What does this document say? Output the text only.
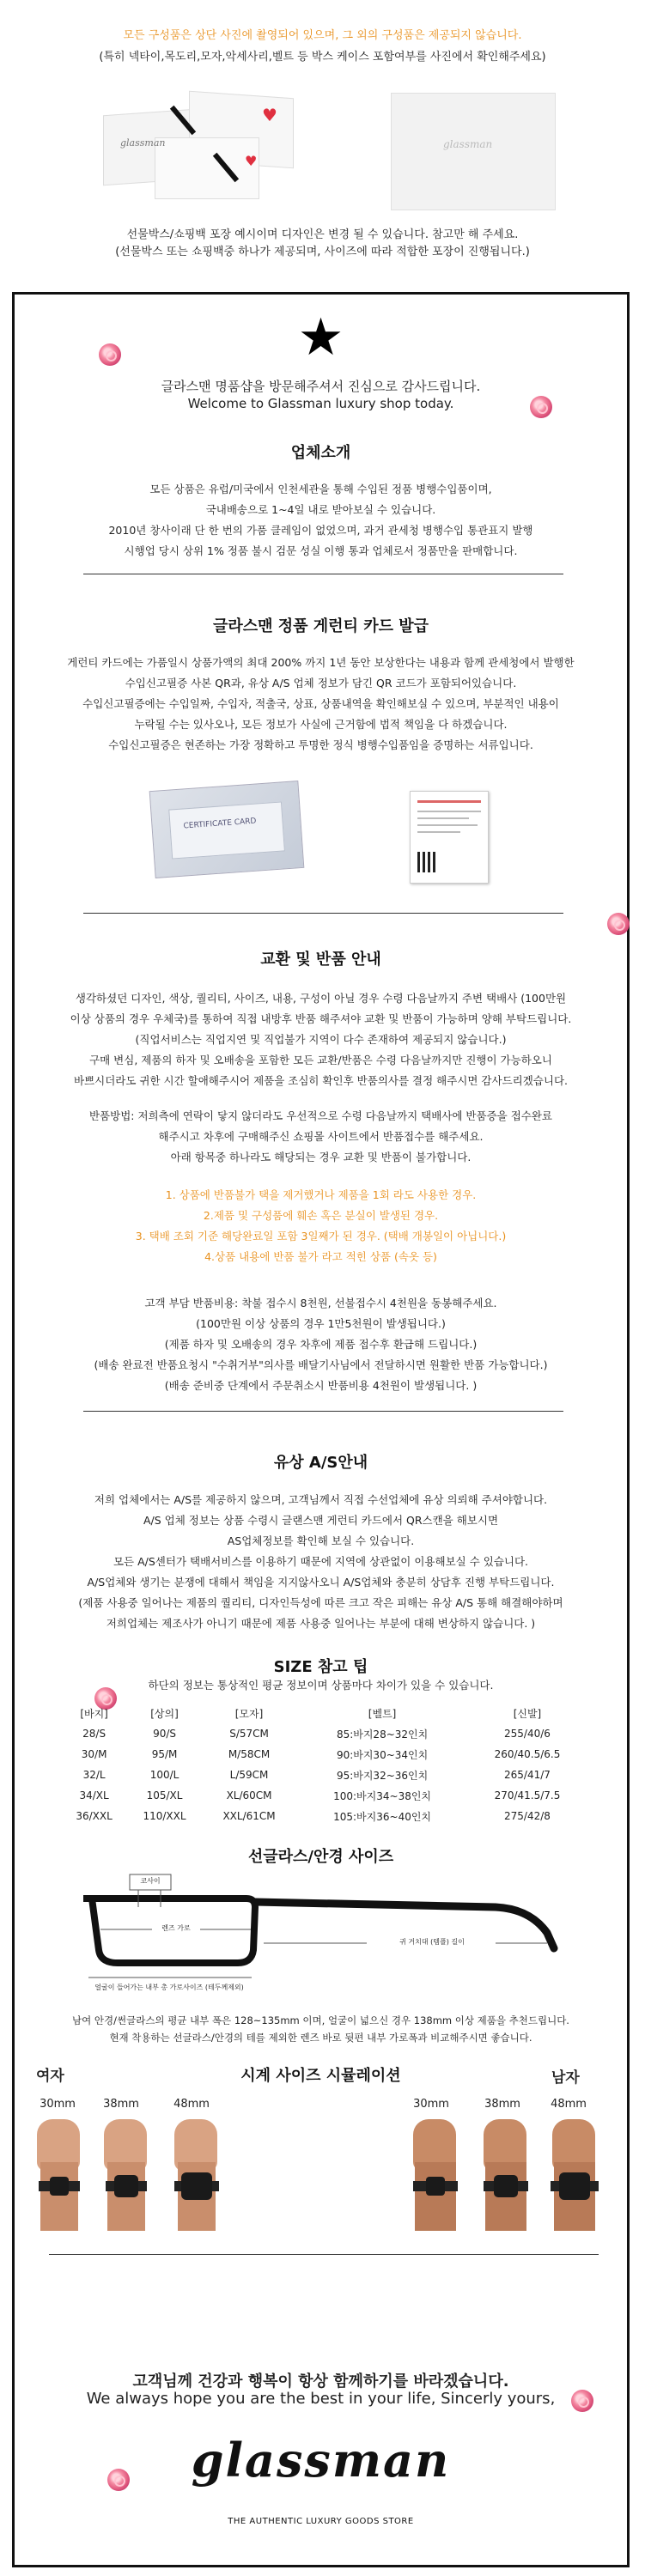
모든 구성품은 상단 사진에 촬영되어 있으며, 그 외의 구성품은 제공되지 않습니다.
(특히 넥타이,목도리,모자,악세사리,벨트 등 박스 케이스 포함여부를 사진에서 확인해주세요)
♥
♥
glassman	glassman
선물박스/쇼핑백 포장 예시이며 디자인은 변경 될 수 있습니다. 참고만 해 주세요.
(선물박스 또는 쇼핑백중 하나가 제공되며, 사이즈에 따라 적합한 포장이 진행됩니다.)
★
글라스맨 명품샵을 방문해주셔서 진심으로 감사드립니다.
Welcome to Glassman luxury shop today.
업체소개
모든 상품은 유럽/미국에서 인천세관을 통해 수입된 정품 병행수입품이며,
국내배송으로 1~4일 내로 받아보실 수 있습니다.
2010년 창사이래 단 한 번의 가품 클레임이 없었으며, 과거 관세청 병행수입 통관표지 발행
시행업 당시 상위 1% 정품 불시 검문 성실 이행 통과 업체로서 정품만을 판매합니다.
글라스맨 정품 게런티 카드 발급
게런티 카드에는 가품일시 상품가액의 최대 200% 까지 1년 동안 보상한다는 내용과 함께 관세청에서 발행한
수입신고필증 사본 QR과, 유상 A/S 업체 정보가 담긴 QR 코드가 포함되어있습니다.
수입신고필증에는 수입일짜, 수입자, 적출국, 상표, 상품내역을 확인해보실 수 있으며, 부분적인 내용이
누락될 수는 있사오나, 모든 정보가 사실에 근거함에 법적 책임을 다 하겠습니다.
수입신고필증은 현존하는 가장 정확하고 투명한 정식 병행수입품임을 증명하는 서류입니다.
CERTIFICATE CARD
교환 및 반품 안내
생각하셨던 디자인, 색상, 퀄리티, 사이즈, 내용, 구성이 아닐 경우 수령 다음날까지 주변 택배사 (100만원
이상 상품의 경우 우체국)를 통하여 직접 내방후 반품 해주셔야 교환 및 반품이 가능하며 양해 부탁드립니다.
(직업서비스는 직업지연 및 직업불가 지역이 다수 존재하여 제공되지 않습니다.)
구매 변심, 제품의 하자 및 오배송을 포함한 모든 교환/반품은 수령 다음날까지만 진행이 가능하오니
바쁘시더라도 귀한 시간 할애해주시어 제품을 조심히 확인후 반품의사를 결정 해주시면 감사드리겠습니다.
반품방법: 저희측에 연락이 닿지 않더라도 우선적으로 수령 다음날까지 택배사에 반품증을 접수완료
해주시고 차후에 구매해주신 쇼핑몰 사이트에서 반품접수를 해주세요.
아래 항목중 하나라도 해당되는 경우 교환 및 반품이 불가합니다.
1. 상품에 반품불가 택을 제거했거나 제품을 1회 라도 사용한 경우.
2.제품 및 구성품에 훼손 혹은 분실이 발생된 경우.
3. 택배 조회 기준 해당완료일 포함 3일째가 된 경우. (택배 개봉일이 아닙니다.)
4.상품 내용에 반품 불가 라고 적힌 상품 (속옷 등)
고객 부담 반품비용: 착불 접수시 8천원, 선불접수시 4천원을 동봉해주세요.
(100만원 이상 상품의 경우 1만5천원이 발생됩니다.)
(제품 하자 및 오배송의 경우 차후에 제품 접수후 환급해 드립니다.)
(배송 완료전 반품요청시 "수취거부"의사를 배달기사님에서 전달하시면 원활한 반품 가능합니다.)
(배송 준비중 단계에서 주문취소시 반품비용 4천원이 발생됩니다. )
유상 A/S안내
저희 업체에서는 A/S를 제공하지 않으며, 고객님께서 직접 수선업체에 유상 의뢰해 주셔야합니다.
A/S 업체 정보는 상품 수령시 글랜스맨 게런티 카드에서 QR스캔을 해보시면
AS업체정보를 확인해 보실 수 있습니다.
모든 A/S센터가 택배서비스를 이용하기 때문에 지역에 상관없이 이용해보실 수 있습니다.
A/S업체와 생기는 분쟁에 대해서 책임을 지지않사오니 A/S업체와 충분히 상담후 진행 부탁드립니다.
(제품 사용중 일어나는 제품의 퀄리티, 디자인득성에 따른 크고 작은 피해는 유상 A/S 통해 해결해야하며
저희업체는 제조사가 아니기 때문에 제품 사용중 일어나는 부분에 대해 변상하지 않습니다. )
SIZE 참고 팁
하단의 정보는 통상적인 평균 정보이며 상품마다 차이가 있을 수 있습니다.
[바지]	[상의]	[모자]	[벨트]	[신발]
28/S	90/S	S/57CM	85:바지28~32인치	255/40/6
30/M	95/M	M/58CM	90:바지30~34인치	260/40.5/6.5
32/L	100/L	L/59CM	95:바지32~36인치	265/41/7
34/XL	105/XL	XL/60CM	100:바지34~38인치	270/41.5/7.5
36/XXL	110/XXL	XXL/61CM	105:바지36~40인치	275/42/8
선글라스/안경 사이즈
코사이
렌즈 가로
귀 거치대 (템플) 길이
얼굴이 들어가는 내부 총 가로사이즈 (테두께제외)
남여 안경/썬글라스의 평균 내부 폭은 128~135mm 이며, 얼굴이 넓으신 경우 138mm 이상 제품을 추천드립니다.
현재 착용하는 선글라스/안경의 테를 제외한 렌즈 바로 뒷편 내부 가로폭과 비교해주시면 좋습니다.
여자	시계 사이즈 시뮬레이션	남자
30mm	38mm	48mm	30mm	38mm	48mm
고객님께 건강과 행복이 항상 함께하기를 바라겠습니다.
We always hope you are the best in your life, Sincerly yours,
glassman
THE AUTHENTIC LUXURY GOODS STORE
